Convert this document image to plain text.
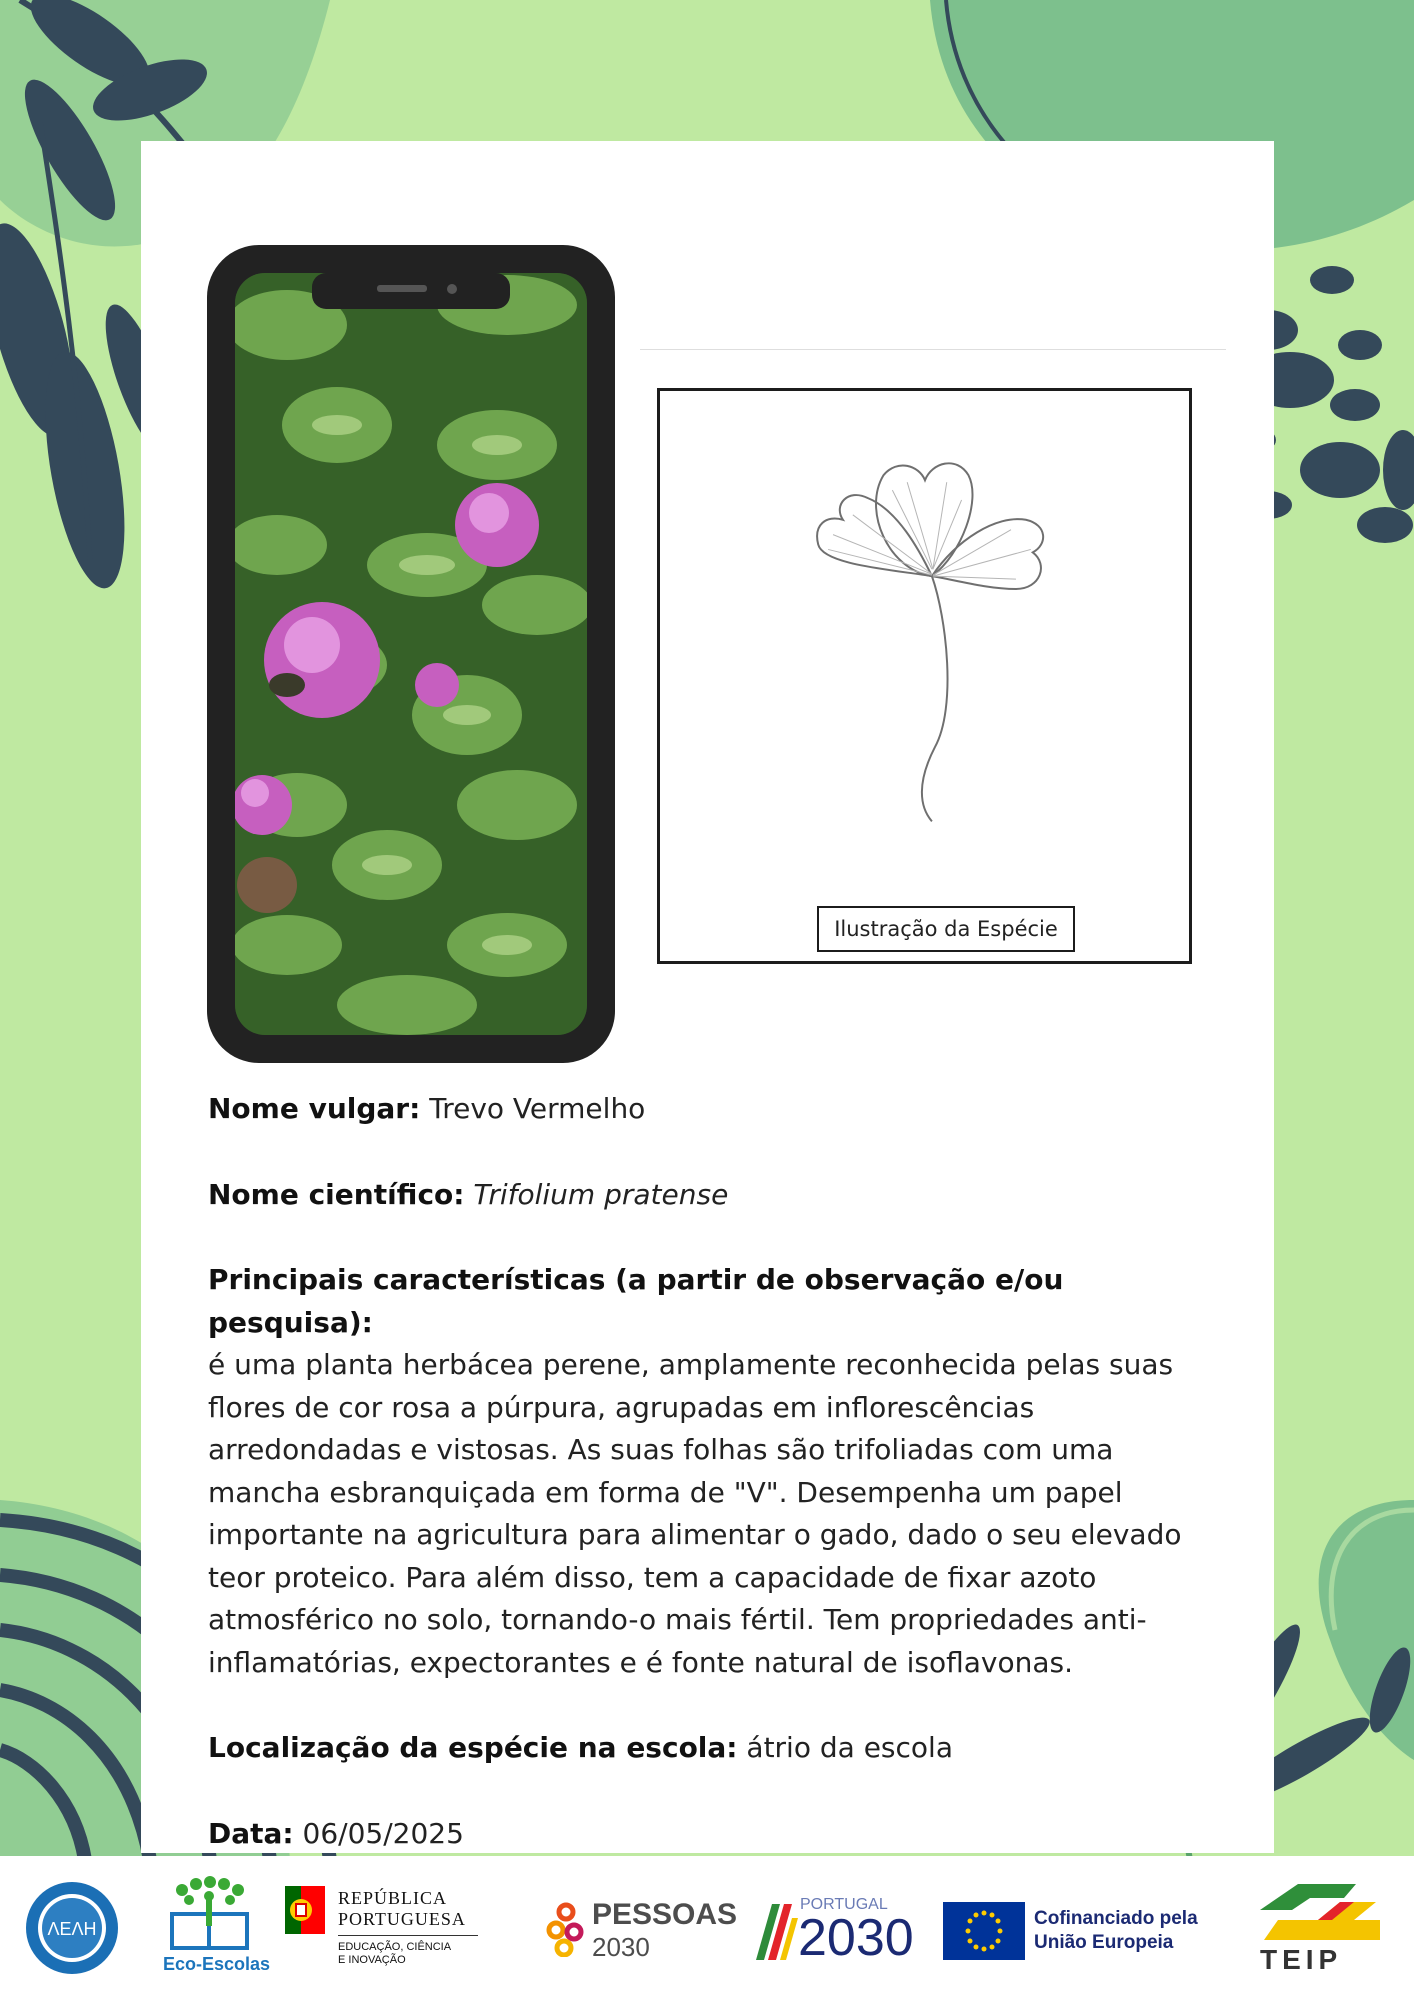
Ilustração da Espécie

Nome vulgar: Trevo Vermelho

Nome científico: Trifolium pratense

Principais características (a partir de observação e/ou pesquisa):
é uma planta herbácea perene, amplamente reconhecida pelas suas flores de cor rosa a púrpura, agrupadas em inflorescências arredondadas e vistosas. As suas folhas são trifoliadas com uma mancha esbranquiçada em forma de "V". Desempenha um papel importante na agricultura para alimentar o gado, dado o seu elevado teor proteico. Para além disso, tem a capacidade de fixar azoto atmosférico no solo, tornando-o mais fértil. Tem propriedades anti-inflamatórias, expectorantes e é fonte natural de isoflavonas.

Localização da espécie na escola: átrio da escola

Data: 06/05/2025

ΛΕΛΗ
Eco-Escolas
REPÚBLICA
PORTUGUESA
EDUCAÇÃO, CIÊNCIA
E INOVAÇÃO
PESSOAS
2030
PORTUGAL
2030	Cofinanciado pela
União Europeia
TEIP
